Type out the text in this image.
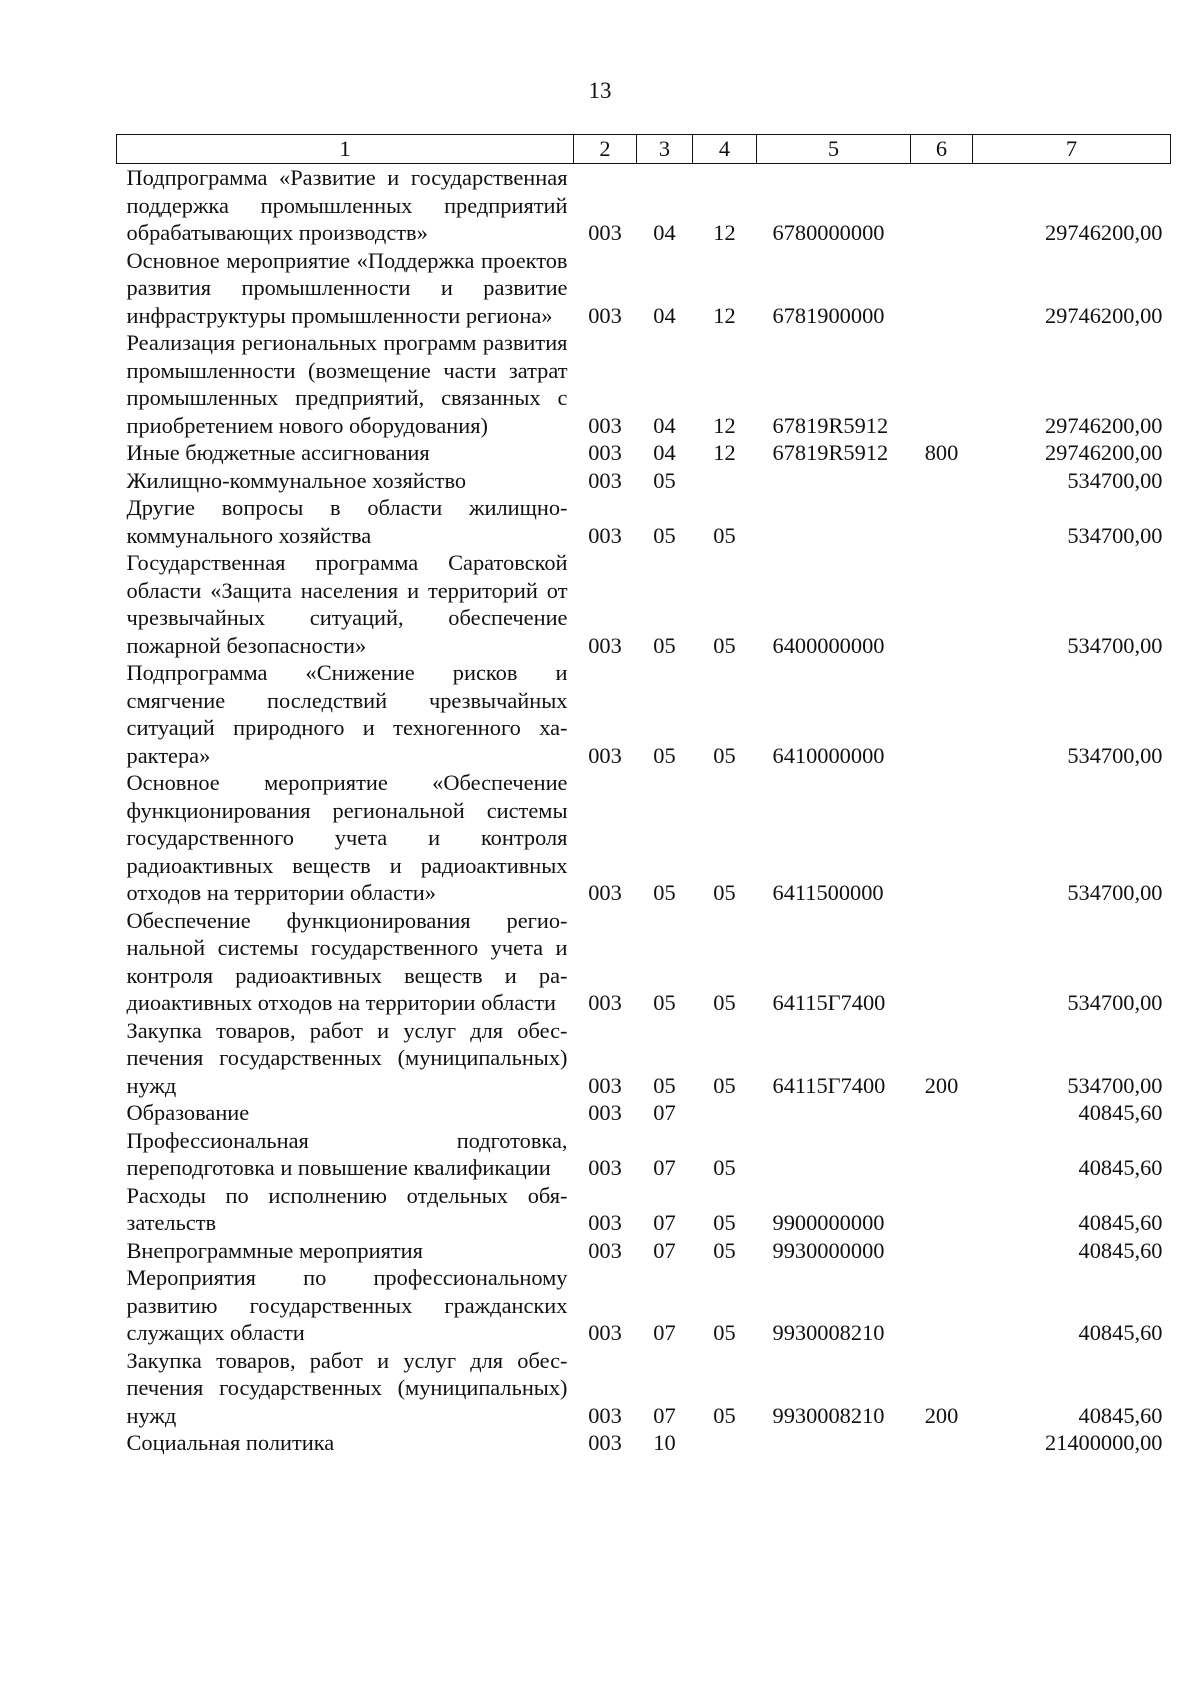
13
1	2	3	4	5	6	7
Подпрограмма «Развитие и государственная поддержка промышленных предприятий обрабатывающих производств»	003	04	12	6780000000		29746200,00
Основное мероприятие «Поддержка проектов развития промышленности и развитие инфраструктуры промышленности региона»	003	04	12	6781900000		29746200,00
Реализация региональных программ развития промышленности (возмещение части затрат промышленных предприятий, связанных с приобретением нового оборудования)	003	04	12	67819R5912		29746200,00
Иные бюджетные ассигнования	003	04	12	67819R5912	800	29746200,00
Жилищно-коммунальное хозяйство	003	05				534700,00
Другие вопросы в области жилищно-коммунального хозяйства	003	05	05			534700,00
Государственная программа Саратовской области «Защита населения и территорий от чрезвычайных ситуаций, обеспечение пожарной безопасности»	003	05	05	6400000000		534700,00
Подпрограмма «Снижение рисков и смягчение последствий чрезвычайных ситуаций природного и техногенного характера»	003	05	05	6410000000		534700,00
Основное мероприятие «Обеспечение функционирования региональной системы государственного учета и контроля радиоактивных веществ и радиоактивных отходов на территории области»	003	05	05	6411500000		534700,00
Обеспечение функционирования региональной системы государственного учета и контроля радиоактивных веществ и радиоактивных отходов на территории области	003	05	05	64115Г7400		534700,00
Закупка товаров, работ и услуг для обеспечения государственных (муниципальных) нужд	003	05	05	64115Г7400	200	534700,00
Образование	003	07				40845,60
Профессиональная подготовка, переподготовка и повышение квалификации	003	07	05			40845,60
Расходы по исполнению отдельных обязательств	003	07	05	9900000000		40845,60
Внепрограммные мероприятия	003	07	05	9930000000		40845,60
Мероприятия по профессиональному развитию государственных гражданских служащих области	003	07	05	9930008210		40845,60
Закупка товаров, работ и услуг для обеспечения государственных (муниципальных) нужд	003	07	05	9930008210	200	40845,60
Социальная политика	003	10				21400000,00
